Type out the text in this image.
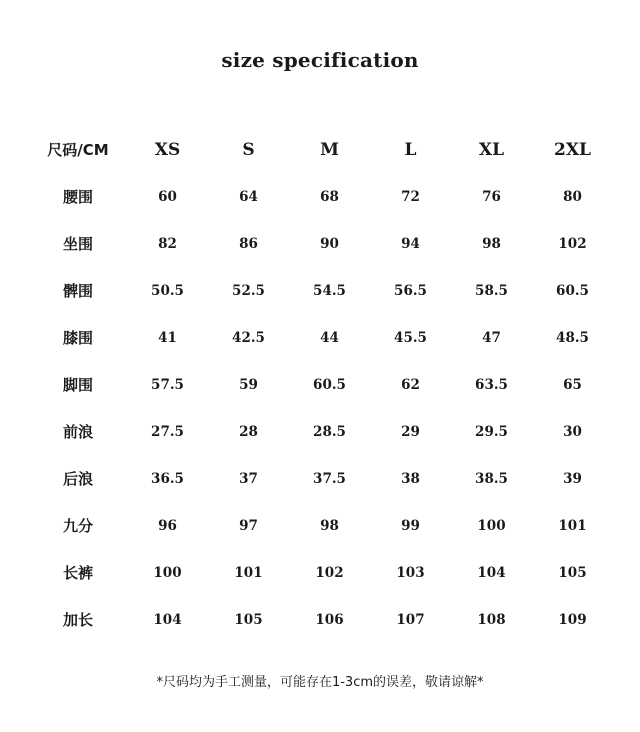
size specification
尺码/CM	XS	S	M	L	XL	2XL
腰围	60	64	68	72	76	80
坐围	82	86	90	94	98	102
髀围	50.5	52.5	54.5	56.5	58.5	60.5
膝围	41	42.5	44	45.5	47	48.5
脚围	57.5	59	60.5	62	63.5	65
前浪	27.5	28	28.5	29	29.5	30
后浪	36.5	37	37.5	38	38.5	39
九分	96	97	98	99	100	101
长裤	100	101	102	103	104	105
加长	104	105	106	107	108	109
*尺码均为手工测量，可能存在1-3cm的误差，敬请谅解*
